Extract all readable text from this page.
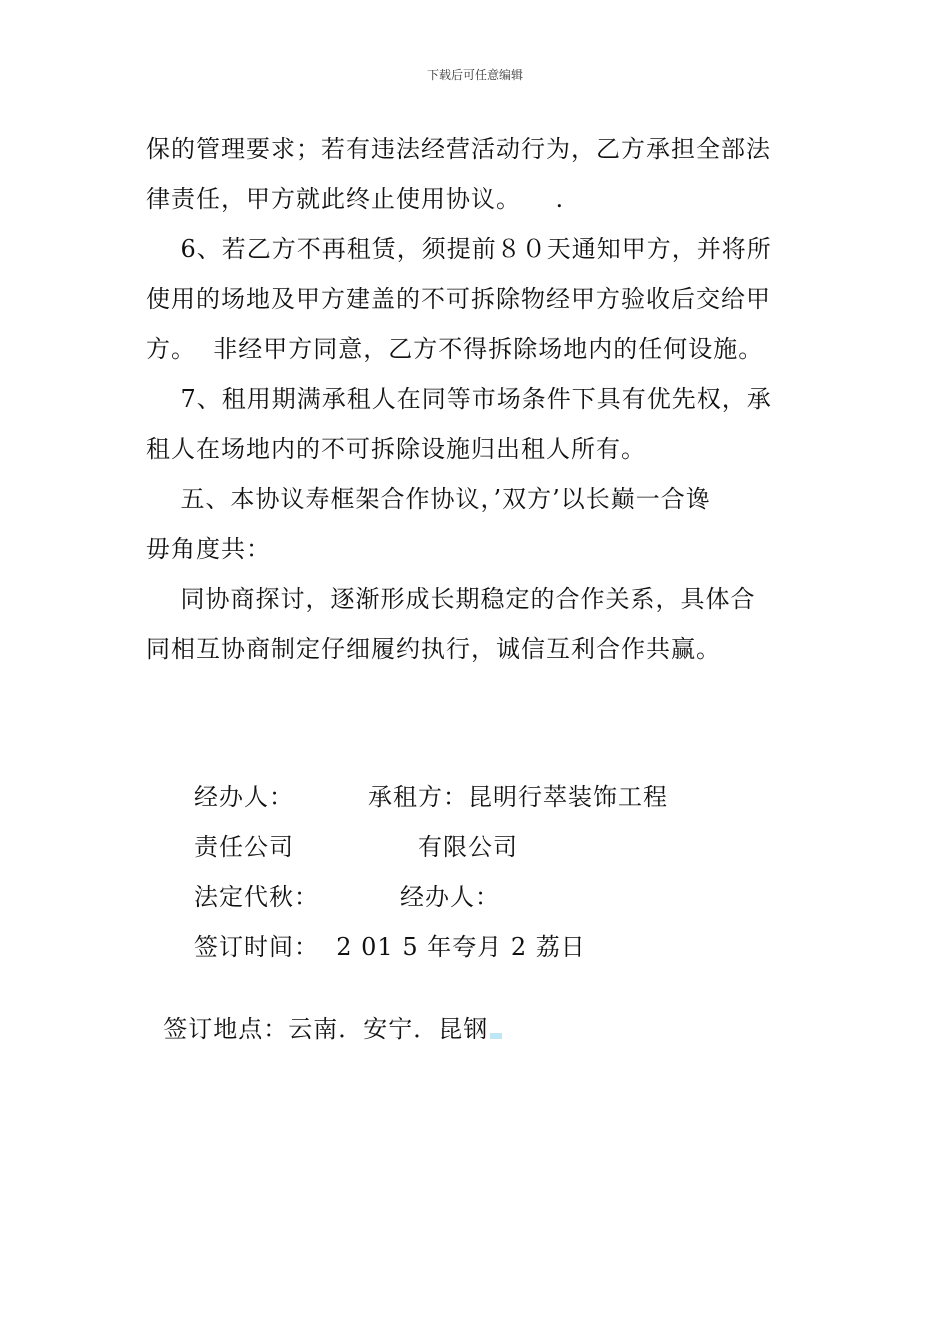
下载后可任意编辑
保的管理要求；若有违法经营活动行为，乙方承担全部法
律责任，甲方就此终止使用协议。    .
6、若乙方不再租赁，须提前８０天通知甲方，并将所
使用的场地及甲方建盖的不可拆除物经甲方验收后交给甲
方。  非经甲方同意，乙方不得拆除场地内的任何设施。
7、租用期满承租人在同等市场条件下具有优先权，承
租人在场地内的不可拆除设施归出租人所有。
五、本协议寿框架合作协议，’双方’以长巅一合谗
毋角度共：
同协商探讨，逐渐形成长期稳定的合作关系，具体合
同相互协商制定仔细履约执行，诚信互利合作共赢。
经办人：	承租方：昆明行萃装饰工程
责任公司	有限公司
法定代秋：	经办人：
签订时间：  2 01 5 年夸月 2 荔日

签订地点：云南．安宁．昆钢
